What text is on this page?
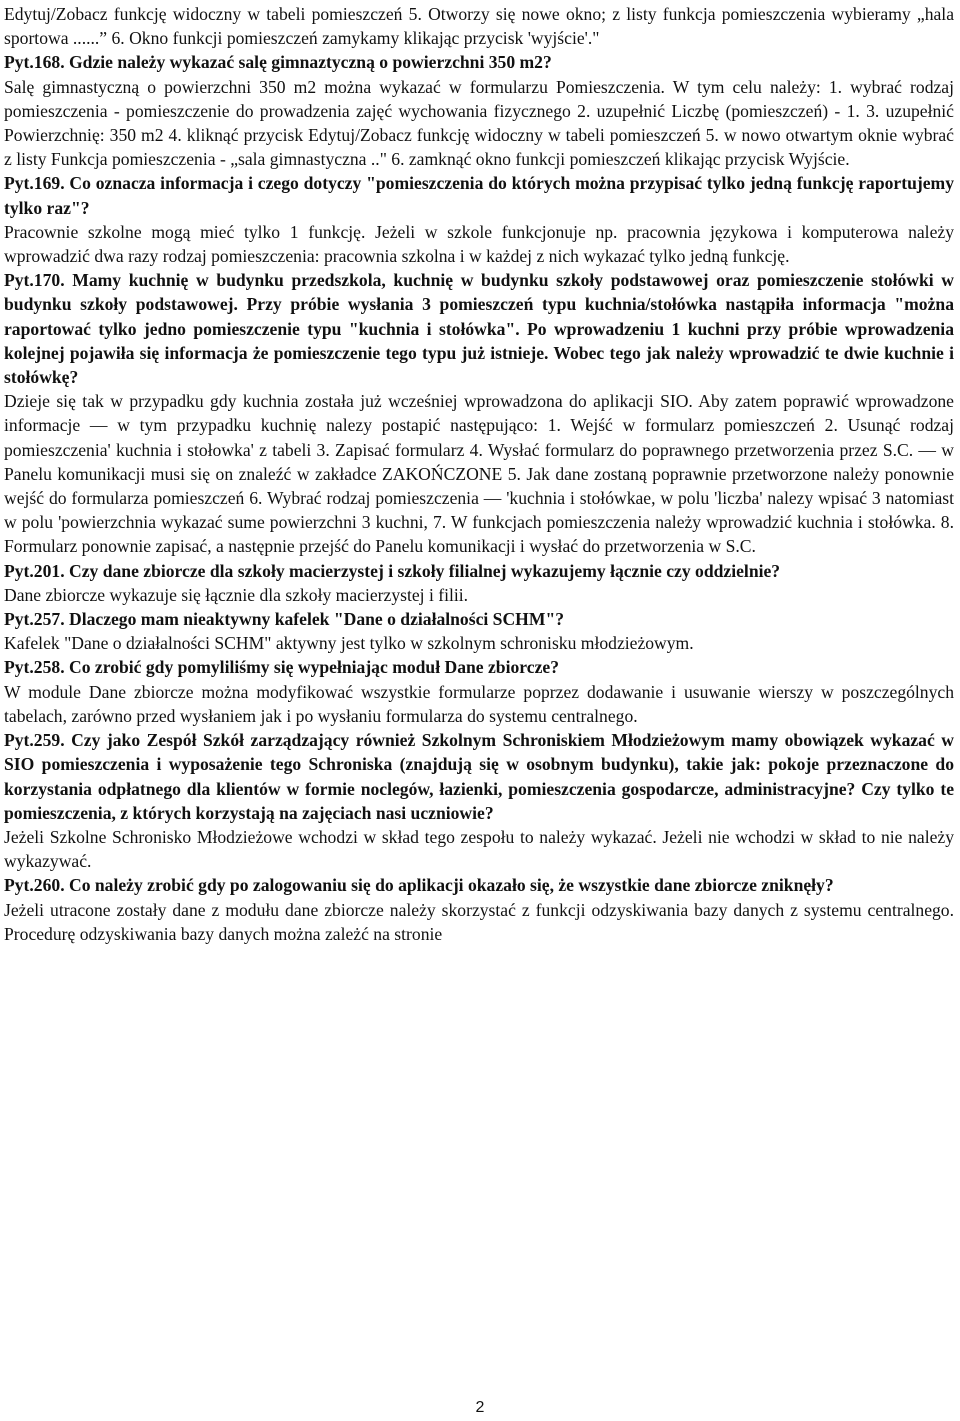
Edytuj/Zobacz funkcję widoczny w tabeli pomieszczeń 5. Otworzy się nowe okno; z listy funkcja pomieszczenia wybieramy „hala sportowa ......” 6. Okno funkcji pomieszczeń zamykamy klikając przycisk 'wyjście'."

Pyt.168. Gdzie należy wykazać salę gimnaztyczną o powierzchni 350 m2?

Salę gimnastyczną o powierzchni 350 m2 można wykazać w formularzu Pomieszczenia. W tym celu należy: 1. wybrać rodzaj pomieszczenia - pomieszczenie do prowadzenia zajęć wychowania fizycznego 2. uzupełnić Liczbę (pomieszczeń) - 1. 3. uzupełnić Powierzchnię: 350 m2 4. kliknąć przycisk Edytuj/Zobacz funkcję widoczny w tabeli pomieszczeń 5. w nowo otwartym oknie wybrać z listy Funkcja pomieszczenia - „sala gimnastyczna .." 6. zamknąć okno funkcji pomieszczeń klikając przycisk Wyjście.

Pyt.169. Co oznacza informacja i czego dotyczy "pomieszczenia do których można przypisać tylko jedną funkcję raportujemy tylko raz"?

Pracownie szkolne mogą mieć tylko 1 funkcję. Jeżeli w szkole funkcjonuje np. pracownia językowa i komputerowa należy wprowadzić dwa razy rodzaj pomieszczenia: pracownia szkolna i w każdej z nich wykazać tylko jedną funkcję.

Pyt.170. Mamy kuchnię w budynku przedszkola, kuchnię w budynku szkoły podstawowej oraz pomieszczenie stołówki w budynku szkoły podstawowej. Przy próbie wysłania 3 pomieszczeń typu kuchnia/stołówka nastąpiła informacja "można raportować tylko jedno pomieszczenie typu "kuchnia i stołówka". Po wprowadzeniu 1 kuchni przy próbie wprowadzenia kolejnej pojawiła się informacja że pomieszczenie tego typu już istnieje. Wobec tego jak należy wprowadzić te dwie kuchnie i stołówkę?

Dzieje się tak w przypadku gdy kuchnia została już wcześniej wprowadzona do aplikacji SIO. Aby zatem poprawić wprowadzone informacje — w tym przypadku kuchnię nalezy postapić następująco: 1. Wejść w formularz pomieszczeń 2. Usunąć rodzaj pomieszczenia' kuchnia i stołowka' z tabeli 3. Zapisać formularz 4. Wysłać formularz do poprawnego przetworzenia przez S.C. — w Panelu komunikacji musi się on znaleźć w zakładce ZAKOŃCZONE 5. Jak dane zostaną poprawnie przetworzone należy ponownie wejść do formularza pomieszczeń 6. Wybrać rodzaj pomieszczenia — 'kuchnia i stołówkae, w polu 'liczba' nalezy wpisać 3 natomiast w polu 'powierzchnia wykazać sume powierzchni 3 kuchni, 7. W funkcjach pomieszczenia należy wprowadzić kuchnia i stołówka. 8. Formularz ponownie zapisać, a następnie przejść do Panelu komunikacji i wysłać do przetworzenia w S.C.

Pyt.201. Czy dane zbiorcze dla szkoły macierzystej i szkoły filialnej wykazujemy łącznie czy oddzielnie?

Dane zbiorcze wykazuje się łącznie dla szkoły macierzystej i filii.

Pyt.257. Dlaczego mam nieaktywny kafelek "Dane o działalności SCHM"?

Kafelek "Dane o działalności SCHM" aktywny jest tylko w szkolnym schronisku młodzieżowym.

Pyt.258. Co zrobić gdy pomyliliśmy się wypełniając moduł Dane zbiorcze?

W module Dane zbiorcze można modyfikować wszystkie formularze poprzez dodawanie i usuwanie wierszy w poszczególnych tabelach, zarówno przed wysłaniem jak i po wysłaniu formularza do systemu centralnego.

Pyt.259. Czy jako Zespół Szkół zarządzający również Szkolnym Schroniskiem Młodzieżowym mamy obowiązek wykazać w SIO pomieszczenia i wyposażenie tego Schroniska (znajdują się w osobnym budynku), takie jak: pokoje przeznaczone do korzystania odpłatnego dla klientów w formie noclegów, łazienki, pomieszczenia gospodarcze, administracyjne? Czy tylko te pomieszczenia, z których korzystają na zajęciach nasi uczniowie?

Jeżeli Szkolne Schronisko Młodzieżowe wchodzi w skład tego zespołu to należy wykazać. Jeżeli nie wchodzi w skład to nie należy wykazywać.

Pyt.260. Co należy zrobić gdy po zalogowaniu się do aplikacji okazało się, że wszystkie dane zbiorcze zniknęły?

Jeżeli utracone zostały dane z modułu dane zbiorcze należy skorzystać z funkcji odzyskiwania bazy danych z systemu centralnego. Procedurę odzyskiwania bazy danych można zależć na stronie

2
